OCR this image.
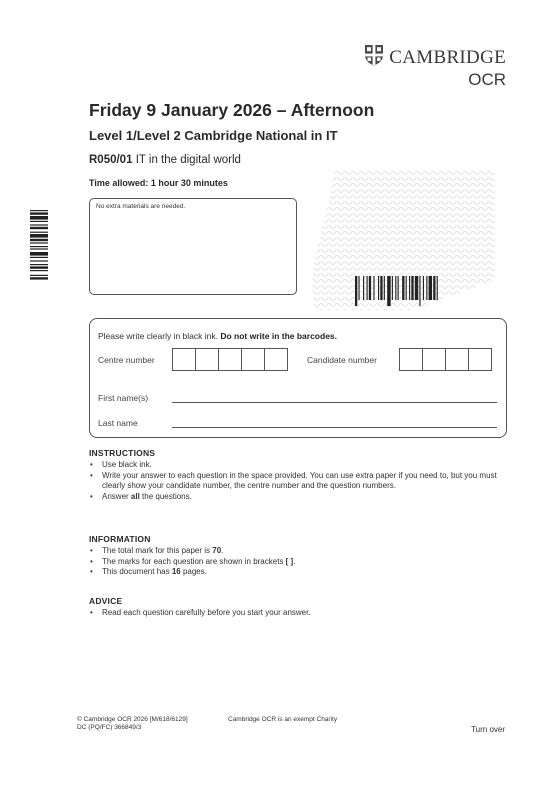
CAMBRIDGE
OCR
Friday 9 January 2026 – Afternoon
Level 1/Level 2 Cambridge National in IT
R050/01 IT in the digital world
Time allowed: 1 hour 30 minutes
No extra materials are needed.
Please write clearly in black ink. Do not write in the barcodes.
Centre number	Candidate number
First name(s)
Last name
INSTRUCTIONS
• Use black ink.
• Write your answer to each question in the space provided. You can use extra paper if you need to, but you must clearly show your candidate number, the centre number and the question numbers.
• Answer all the questions.
INFORMATION
• The total mark for this paper is 70.
• The marks for each question are shown in brackets [ ].
• This document has 16 pages.
ADVICE
• Read each question carefully before you start your answer.
© Cambridge OCR 2026 [M/618/6129]
DC (PQ/FC) 366849/3
Cambridge OCR is an exempt Charity
Turn over
